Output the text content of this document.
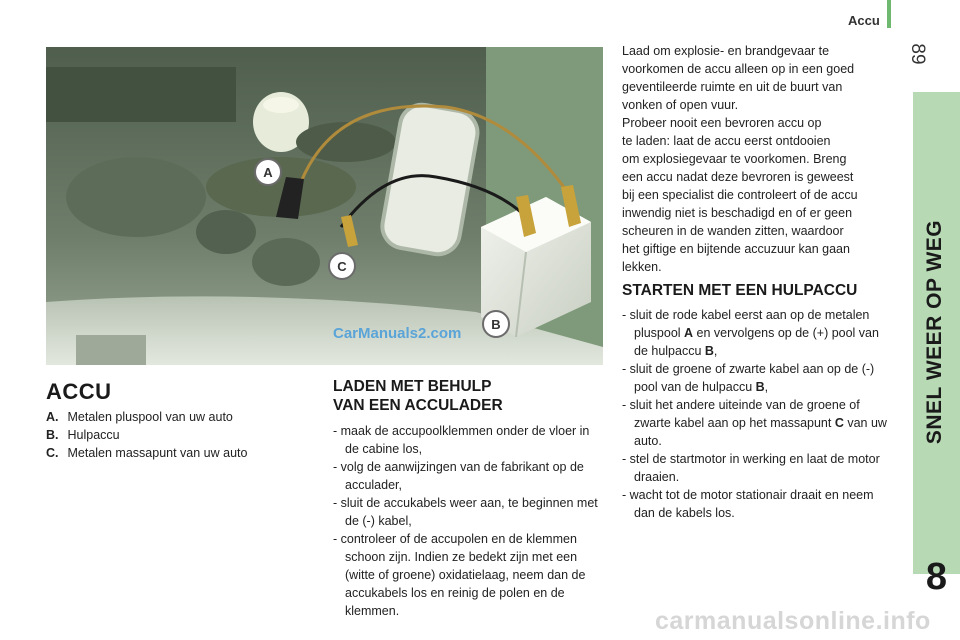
Accu
89
SNEL WEER OP WEG
8
A
B
C
CarManuals2.com
ACCU
A. Metalen pluspool van uw auto
B. Hulpaccu
C. Metalen massapunt van uw auto
LADEN MET BEHULP
VAN EEN ACCULADER
- maak de accupoolklemmen onder de vloer in de cabine los,
- volg de aanwijzingen van de fabrikant op de acculader,
- sluit de accukabels weer aan, te beginnen met de (-) kabel,
- controleer of de accupolen en de klemmen schoon zijn. Indien ze bedekt zijn met een (witte of groene) oxidatielaag, neem dan de accukabels los en reinig de polen en de klemmen.
Laad om explosie- en brandgevaar te
voorkomen de accu alleen op in een goed
geventileerde ruimte en uit de buurt van
vonken of open vuur.
Probeer nooit een bevroren accu op
te laden: laat de accu eerst ontdooien
om explosiegevaar te voorkomen. Breng
een accu nadat deze bevroren is geweest
bij een specialist die controleert of de accu
inwendig niet is beschadigd en of er geen
scheuren in de wanden zitten, waardoor
het giftige en bijtende accuzuur kan gaan
lekken.
STARTEN MET EEN HULPACCU
- sluit de rode kabel eerst aan op de metalen pluspool A en vervolgens op de (+) pool van de hulpaccu B,
- sluit de groene of zwarte kabel aan op de (-) pool van de hulpaccu B,
- sluit het andere uiteinde van de groene of zwarte kabel aan op het massapunt C van uw auto.
- stel de startmotor in werking en laat de motor draaien.
- wacht tot de motor stationair draait en neem dan de kabels los.
carmanualsonline.info
